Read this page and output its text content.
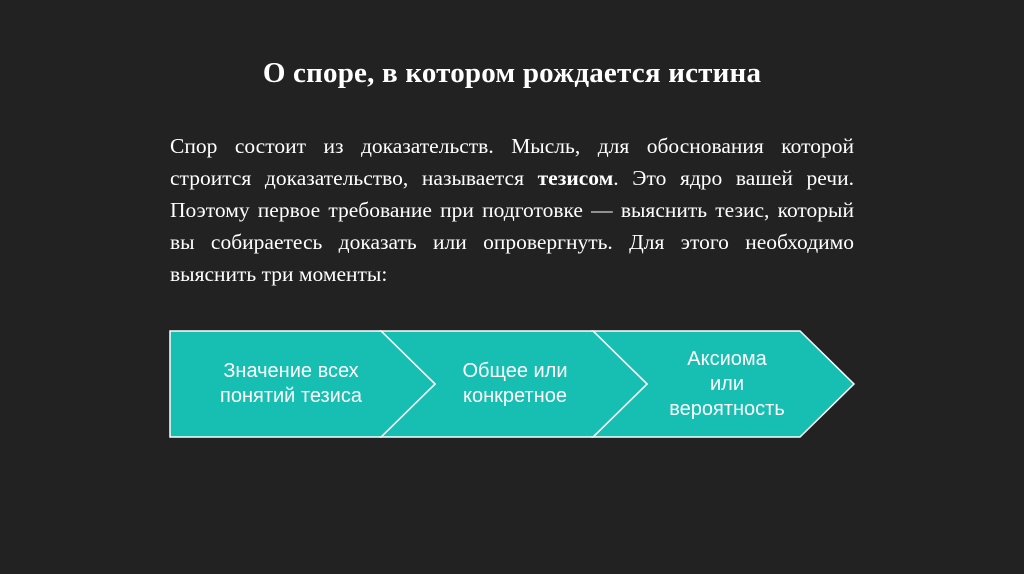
О споре, в котором рождается истина

Спор состоит из доказательств. Мысль, для обоснования которой строится доказательство, называется тезисом. Это ядро вашей речи. Поэтому первое требование при подготовке — выяснить тезис, который вы собираетесь доказать или опровергнуть. Для этого необходимо выяснить три моменты:

Значение всех
понятий тезиса
Общее или
конкретное
Аксиома
или
вероятность
